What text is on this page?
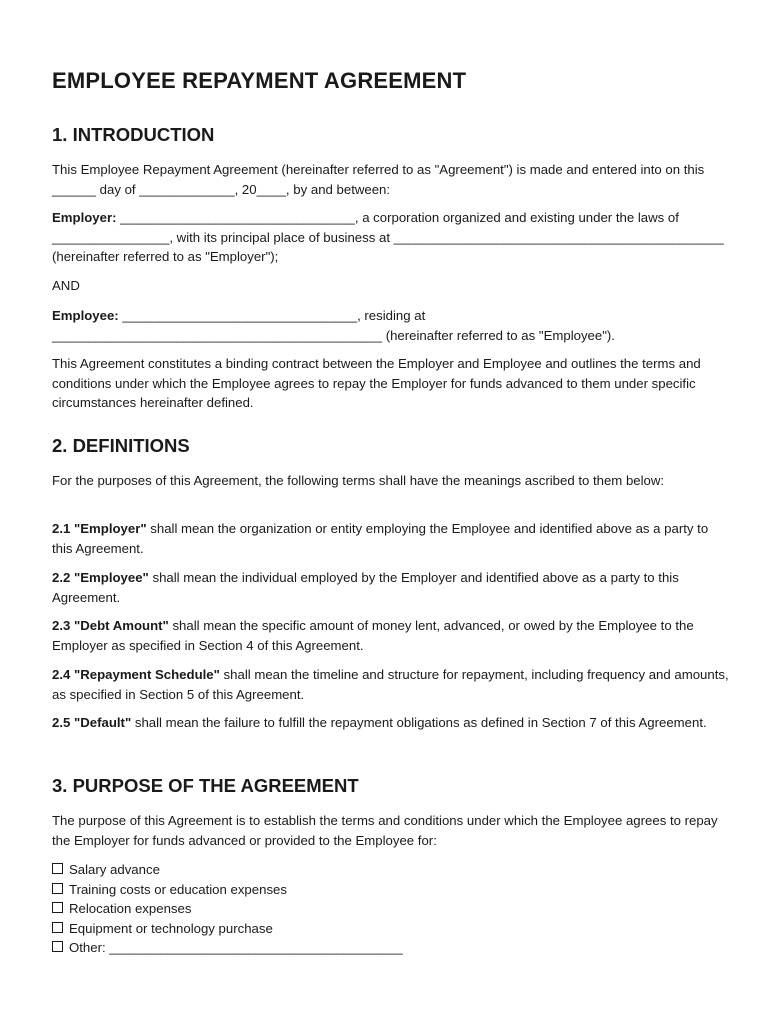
EMPLOYEE REPAYMENT AGREEMENT
1. INTRODUCTION

This Employee Repayment Agreement (hereinafter referred to as "Agreement") is made and entered into on this ______ day of _____________, 20____, by and between:

Employer: ________________________________, a corporation organized and existing under the laws of ________________, with its principal place of business at _____________________________________________ (hereinafter referred to as "Employer");

AND

Employee: ________________________________, residing at _____________________________________________ (hereinafter referred to as "Employee").

This Agreement constitutes a binding contract between the Employer and Employee and outlines the terms and conditions under which the Employee agrees to repay the Employer for funds advanced to them under specific circumstances hereinafter defined.

2. DEFINITIONS

For the purposes of this Agreement, the following terms shall have the meanings ascribed to them below:

2.1 "Employer" shall mean the organization or entity employing the Employee and identified above as a party to this Agreement.

2.2 "Employee" shall mean the individual employed by the Employer and identified above as a party to this Agreement.

2.3 "Debt Amount" shall mean the specific amount of money lent, advanced, or owed by the Employee to the Employer as specified in Section 4 of this Agreement.

2.4 "Repayment Schedule" shall mean the timeline and structure for repayment, including frequency and amounts, as specified in Section 5 of this Agreement.

2.5 "Default" shall mean the failure to fulfill the repayment obligations as defined in Section 7 of this Agreement.

3. PURPOSE OF THE AGREEMENT

The purpose of this Agreement is to establish the terms and conditions under which the Employee agrees to repay the Employer for funds advanced or provided to the Employee for:

Salary advance
Training costs or education expenses
Relocation expenses
Equipment or technology purchase
Other: ________________________________________
